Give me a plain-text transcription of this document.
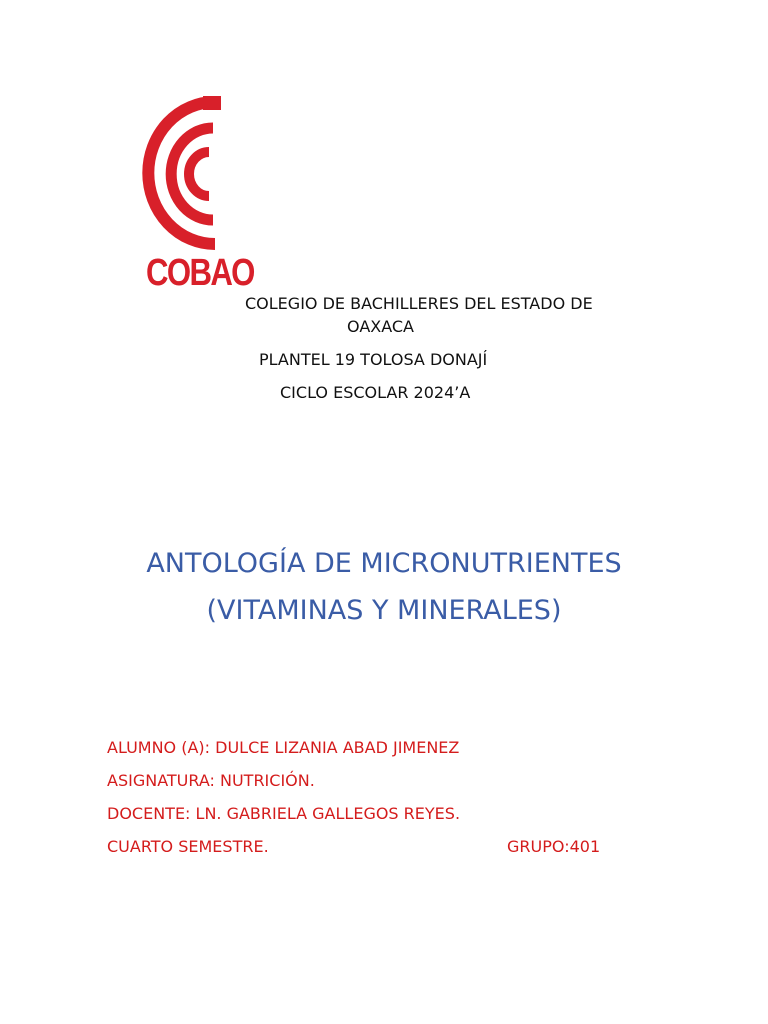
COBAO
COLEGIO DE BACHILLERES DEL ESTADO DE
OAXACA
PLANTEL 19 TOLOSA DONAJÍ
CICLO ESCOLAR 2024’A
ANTOLOGÍA DE MICRONUTRIENTES
(VITAMINAS Y MINERALES)
ALUMNO (A): DULCE LIZANIA ABAD JIMENEZ
ASIGNATURA: NUTRICIÓN.
DOCENTE: LN. GABRIELA GALLEGOS REYES.
CUARTO SEMESTRE.	GRUPO:401
